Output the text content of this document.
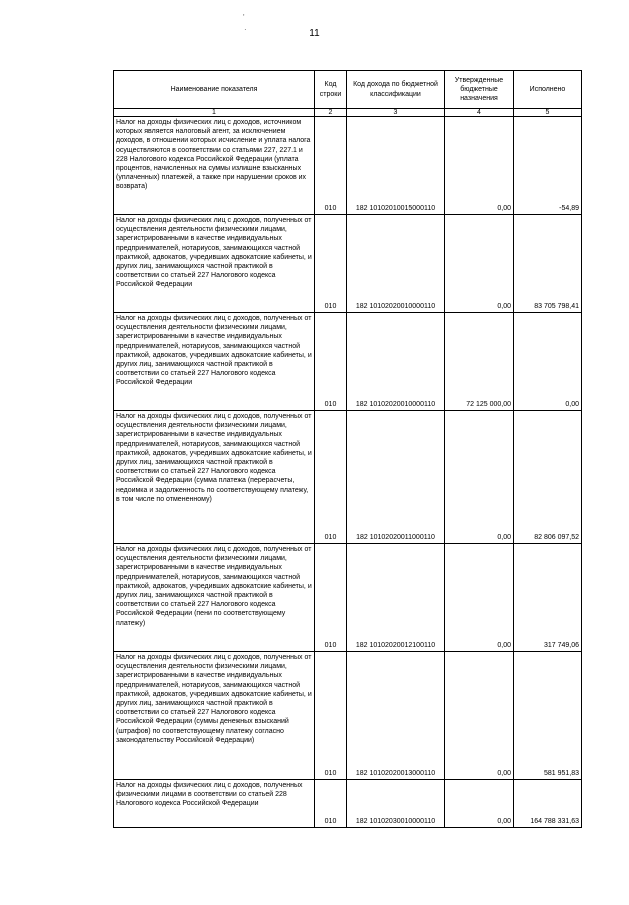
11
'
·
Наименование показателя	Код строки	Код дохода по бюджетной классификации	Утвержденные бюджетные назначения	Исполнено
1	2	3	4	5
Налог на доходы физических лиц с доходов, источником которых является налоговый агент, за исключением доходов, в отношении которых исчисление и уплата налога осуществляются в соответствии со статьями 227, 227.1 и 228 Налогового кодекса Российской Федерации (уплата процентов, начисленных на суммы излишне взысканных (уплаченных) платежей, а также при нарушении сроков их возврата)	010	182 10102010015000110	0,00	-54,89
Налог на доходы физических лиц с доходов, полученных от осуществления деятельности физическими лицами, зарегистрированными в качестве индивидуальных предпринимателей, нотариусов, занимающихся частной практикой, адвокатов, учредивших адвокатские кабинеты, и других лиц, занимающихся частной практикой в соответствии со статьей 227 Налогового кодекса Российской Федерации	010	182 10102020010000110	0,00	83 705 798,41
Налог на доходы физических лиц с доходов, полученных от осуществления деятельности физическими лицами, зарегистрированными в качестве индивидуальных предпринимателей, нотариусов, занимающихся частной практикой, адвокатов, учредивших адвокатские кабинеты, и других лиц, занимающихся частной практикой в соответствии со статьей 227 Налогового кодекса Российской Федерации	010	182 10102020010000110	72 125 000,00	0,00
Налог на доходы физических лиц с доходов, полученных от осуществления деятельности физическими лицами, зарегистрированными в качестве индивидуальных предпринимателей, нотариусов, занимающихся частной практикой, адвокатов, учредивших адвокатские кабинеты, и других лиц, занимающихся частной практикой в соответствии со статьей 227 Налогового кодекса Российской Федерации (сумма платежа (перерасчеты, недоимка и задолженность по соответствующему платежу, в том числе по отмененному)	010	182 10102020011000110	0,00	82 806 097,52
Налог на доходы физических лиц с доходов, полученных от осуществления деятельности физическими лицами, зарегистрированными в качестве индивидуальных предпринимателей, нотариусов, занимающихся частной практикой, адвокатов, учредивших адвокатские кабинеты, и других лиц, занимающихся частной практикой в соответствии со статьей 227 Налогового кодекса Российской Федерации (пени по соответствующему платежу)	010	182 10102020012100110	0,00	317 749,06
Налог на доходы физических лиц с доходов, полученных от осуществления деятельности физическими лицами, зарегистрированными в качестве индивидуальных предпринимателей, нотариусов, занимающихся частной практикой, адвокатов, учредивших адвокатские кабинеты, и других лиц, занимающихся частной практикой в соответствии со статьей 227 Налогового кодекса Российской Федерации (суммы денежных взысканий (штрафов) по соответствующему платежу согласно законодательству Российской Федерации)	010	182 10102020013000110	0,00	581 951,83
Налог на доходы физических лиц с доходов, полученных физическими лицами в соответствии со статьей 228 Налогового кодекса Российской Федерации	010	182 10102030010000110	0,00	164 788 331,63
